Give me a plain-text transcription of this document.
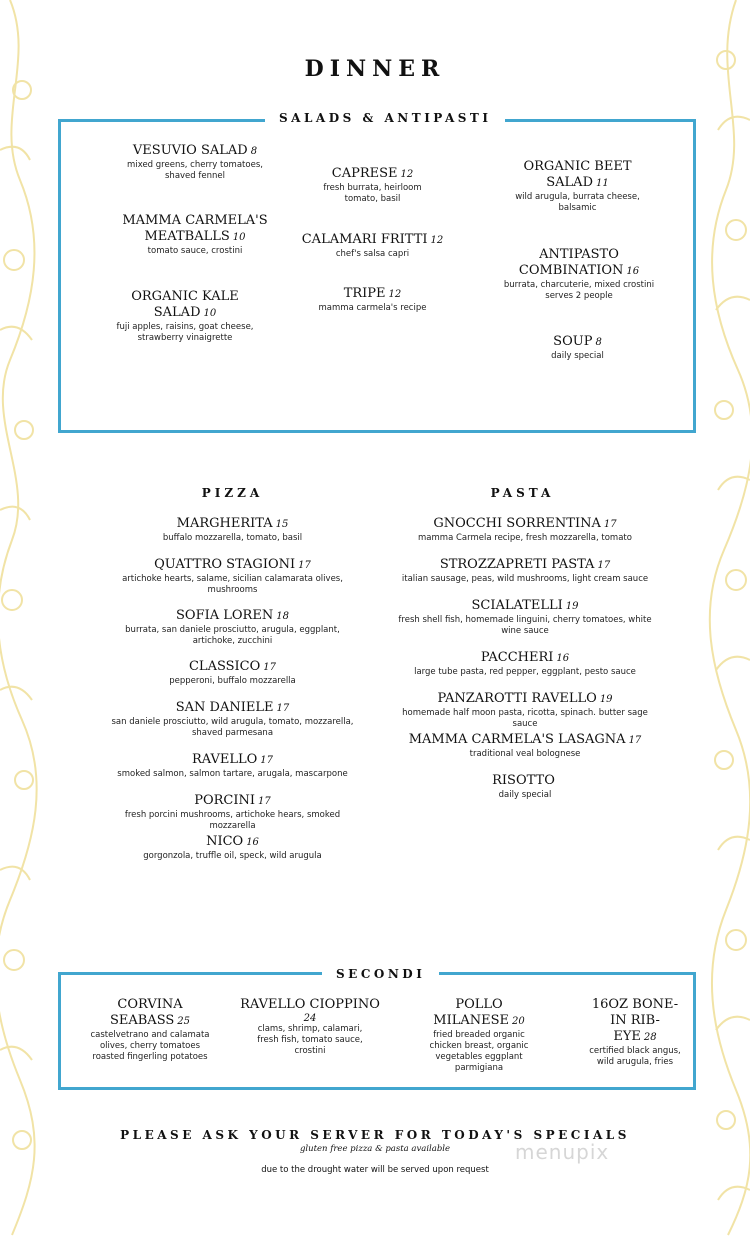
DINNER
SALADS & ANTIPASTI
VESUVIO SALAD 8
mixed greens, cherry tomatoes, shaved fennel
MAMMA CARMELA'S MEATBALLS 10
tomato sauce, crostini
ORGANIC KALE SALAD 10
fuji apples, raisins, goat cheese, strawberry vinaigrette
CAPRESE 12
fresh burrata, heirloom tomato, basil
CALAMARI FRITTI 12
chef's salsa capri
TRIPE 12
mamma carmela's recipe
ORGANIC BEET SALAD 11
wild arugula, burrata cheese, balsamic
ANTIPASTO COMBINATION 16
burrata, charcuterie, mixed crostini serves 2 people
SOUP 8
daily special
PIZZA
MARGHERITA 15
buffalo mozzarella, tomato, basil
QUATTRO STAGIONI 17
artichoke hearts, salame, sicilian calamarata olives, mushrooms
SOFIA LOREN 18
burrata, san daniele prosciutto, arugula, eggplant, artichoke, zucchini
CLASSICO 17
pepperoni, buffalo mozzarella
SAN DANIELE 17
san daniele prosciutto, wild arugula, tomato, mozzarella, shaved parmesana
RAVELLO 17
smoked salmon, salmon tartare, arugala, mascarpone
PORCINI 17
fresh porcini mushrooms, artichoke hears, smoked mozzarella
NICO 16
gorgonzola, truffle oil, speck, wild arugula
PASTA
GNOCCHI SORRENTINA 17
mamma Carmela recipe, fresh mozzarella, tomato
STROZZAPRETI PASTA 17
italian sausage, peas, wild mushrooms, light cream sauce
SCIALATELLI 19
fresh shell fish, homemade linguini, cherry tomatoes, white wine sauce
PACCHERI 16
large tube pasta, red pepper, eggplant, pesto sauce
PANZAROTTI RAVELLO 19
homemade half moon pasta, ricotta, spinach. butter sage sauce
MAMMA CARMELA'S LASAGNA 17
traditional veal bolognese
RISOTTO
daily special
SECONDI
CORVINA SEABASS 25
castelvetrano and calamata olives, cherry tomatoes roasted fingerling potatoes
RAVELLO CIOPPINO
24
clams, shrimp, calamari, fresh fish, tomato sauce, crostini
POLLO MILANESE 20
fried breaded organic chicken breast, organic vegetables eggplant parmigiana
16OZ BONE-IN RIB-EYE 28
certified black angus, wild arugula, fries
PLEASE ASK YOUR SERVER FOR TODAY'S SPECIALS
gluten free pizza & pasta available
due to the drought water will be served upon request
menupix
